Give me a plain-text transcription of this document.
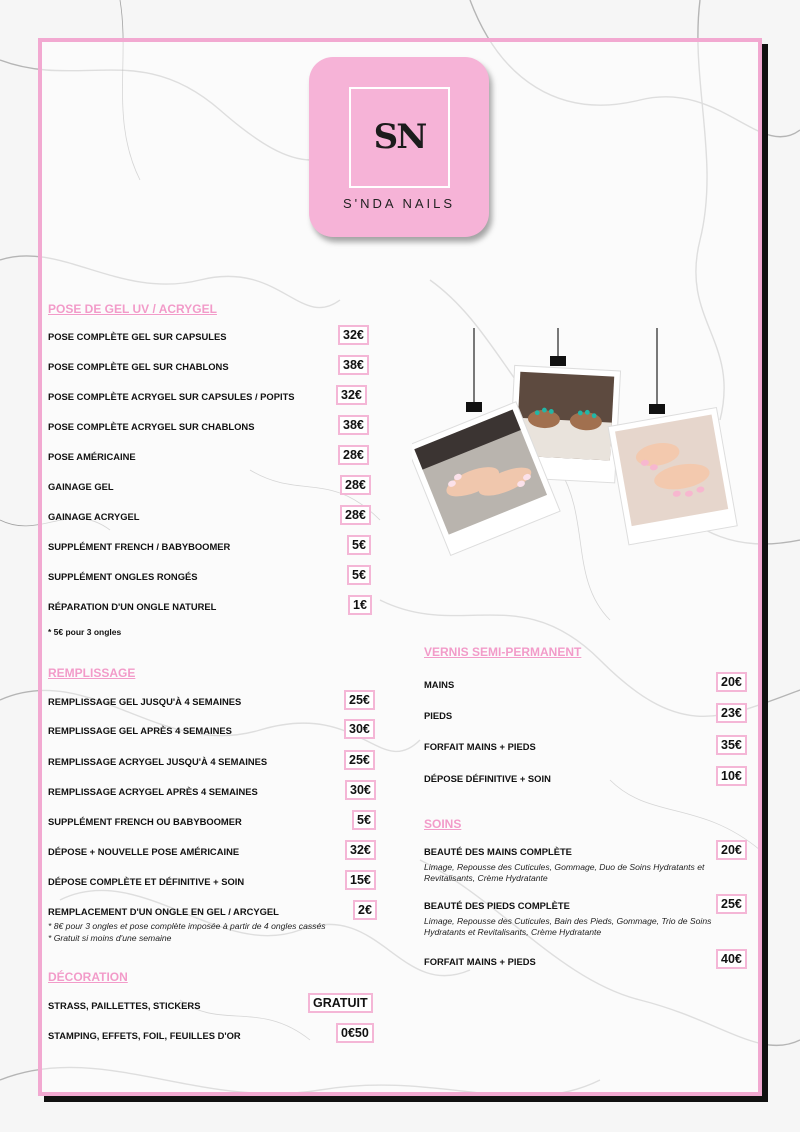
SN
S'NDA NAILS
POSE DE GEL UV / ACRYGEL
POSE COMPLÈTE GEL SUR CAPSULES	32€
POSE COMPLÈTE GEL SUR CHABLONS	38€
POSE COMPLÈTE ACRYGEL SUR CAPSULES / POPITS	32€
POSE COMPLÈTE ACRYGEL SUR CHABLONS	38€
POSE AMÉRICAINE	28€
GAINAGE GEL	28€
GAINAGE ACRYGEL	28€
SUPPLÉMENT FRENCH / BABYBOOMER	5€
SUPPLÉMENT ONGLES RONGÉS	5€
RÉPARATION D'UN ONGLE NATUREL	1€
* 5€ pour 3 ongles
REMPLISSAGE
REMPLISSAGE GEL JUSQU'À 4 SEMAINES	25€
REMPLISSAGE GEL APRÈS 4 SEMAINES	30€
REMPLISSAGE ACRYGEL JUSQU'À 4 SEMAINES	25€
REMPLISSAGE ACRYGEL APRÈS 4 SEMAINES	30€
SUPPLÉMENT FRENCH OU BABYBOOMER	5€
DÉPOSE + NOUVELLE POSE AMÉRICAINE	32€
DÉPOSE COMPLÈTE ET DÉFINITIVE + SOIN	15€
REMPLACEMENT D'UN ONGLE EN GEL / ARCYGEL	2€
* 8€ pour 3 ongles et pose complète imposée à partir de 4 ongles cassés
* Gratuit si moins d'une semaine
DÉCORATION
STRASS, PAILLETTES, STICKERS	GRATUIT
STAMPING, EFFETS, FOIL, FEUILLES D'OR	0€50
VERNIS SEMI-PERMANENT
MAINS	20€
PIEDS	23€
FORFAIT MAINS + PIEDS	35€
DÉPOSE DÉFINITIVE + SOIN	10€
SOINS
BEAUTÉ DES MAINS COMPLÈTE	20€
Limage, Repousse des Cuticules, Gommage, Duo de Soins Hydratants et Revitalisants, Crème Hydratante
BEAUTÉ DES PIEDS COMPLÈTE	25€
Limage, Repousse des Cuticules, Bain des Pieds, Gommage, Trio de Soins Hydratants et Revitalisants, Crème Hydratante
FORFAIT MAINS + PIEDS	40€
